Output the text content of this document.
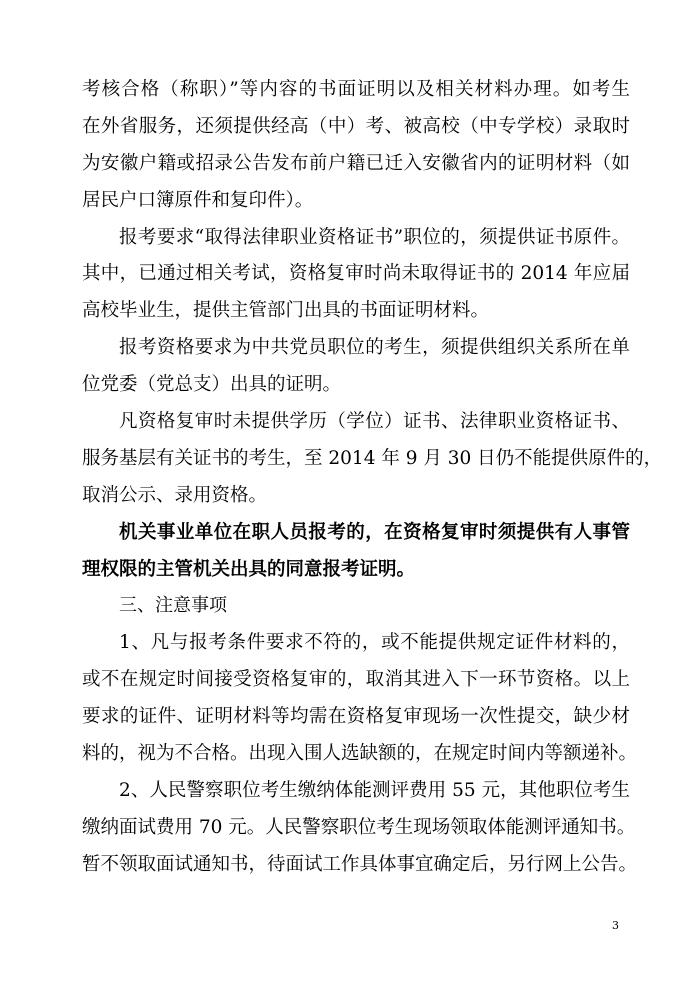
考核合格（称职）”等内容的书面证明以及相关材料办理。如考生
在外省服务，还须提供经高（中）考、被高校（中专学校）录取时
为安徽户籍或招录公告发布前户籍已迁入安徽省内的证明材料（如
居民户口簿原件和复印件）。
报考要求“取得法律职业资格证书”职位的，须提供证书原件。
其中，已通过相关考试，资格复审时尚未取得证书的 2014 年应届
高校毕业生，提供主管部门出具的书面证明材料。
报考资格要求为中共党员职位的考生，须提供组织关系所在单
位党委（党总支）出具的证明。
凡资格复审时未提供学历（学位）证书、法律职业资格证书、
服务基层有关证书的考生，至 2014 年 9 月 30 日仍不能提供原件的，
取消公示、录用资格。
机关事业单位在职人员报考的，在资格复审时须提供有人事管
理权限的主管机关出具的同意报考证明。
三、注意事项
1、凡与报考条件要求不符的，或不能提供规定证件材料的，
或不在规定时间接受资格复审的，取消其进入下一环节资格。以上
要求的证件、证明材料等均需在资格复审现场一次性提交，缺少材
料的，视为不合格。出现入围人选缺额的，在规定时间内等额递补。
2、人民警察职位考生缴纳体能测评费用 55 元，其他职位考生
缴纳面试费用 70 元。人民警察职位考生现场领取体能测评通知书。
暂不领取面试通知书，待面试工作具体事宜确定后，另行网上公告。
3
